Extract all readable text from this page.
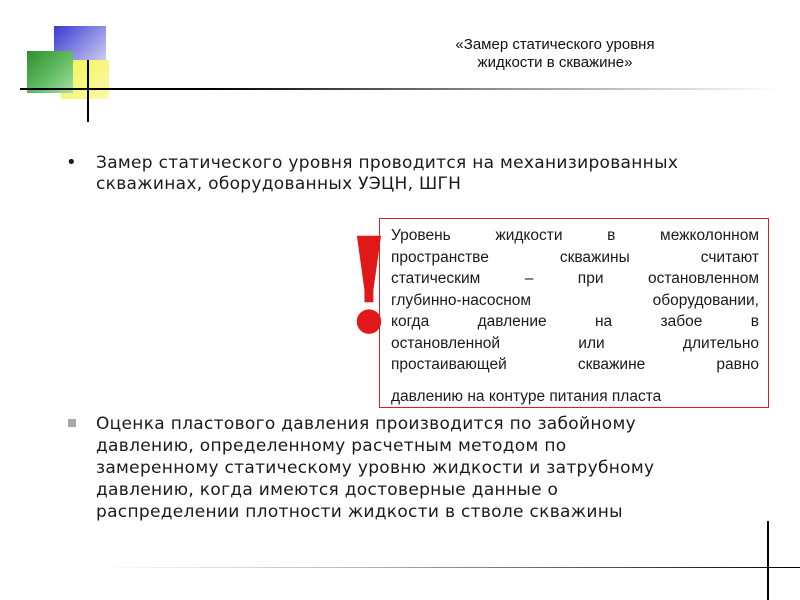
«Замер статического уровня
жидкости в скважине»
• Замер статического уровня проводится на механизированных
скважинах, оборудованных УЭЦН, ШГН
!
Уровень жидкости в межколонном
пространстве скважины считают
статическим – при остановленном
глубинно-насосном оборудовании,
когда давление на забое в
остановленной или длительно
простаивающей скважине равно
давлению на контуре питания пласта
Оценка пластового давления производится по забойному
давлению, определенному расчетным методом по
замеренному статическому уровню жидкости и затрубному
давлению, когда имеются достоверные данные о
распределении плотности жидкости в стволе скважины
